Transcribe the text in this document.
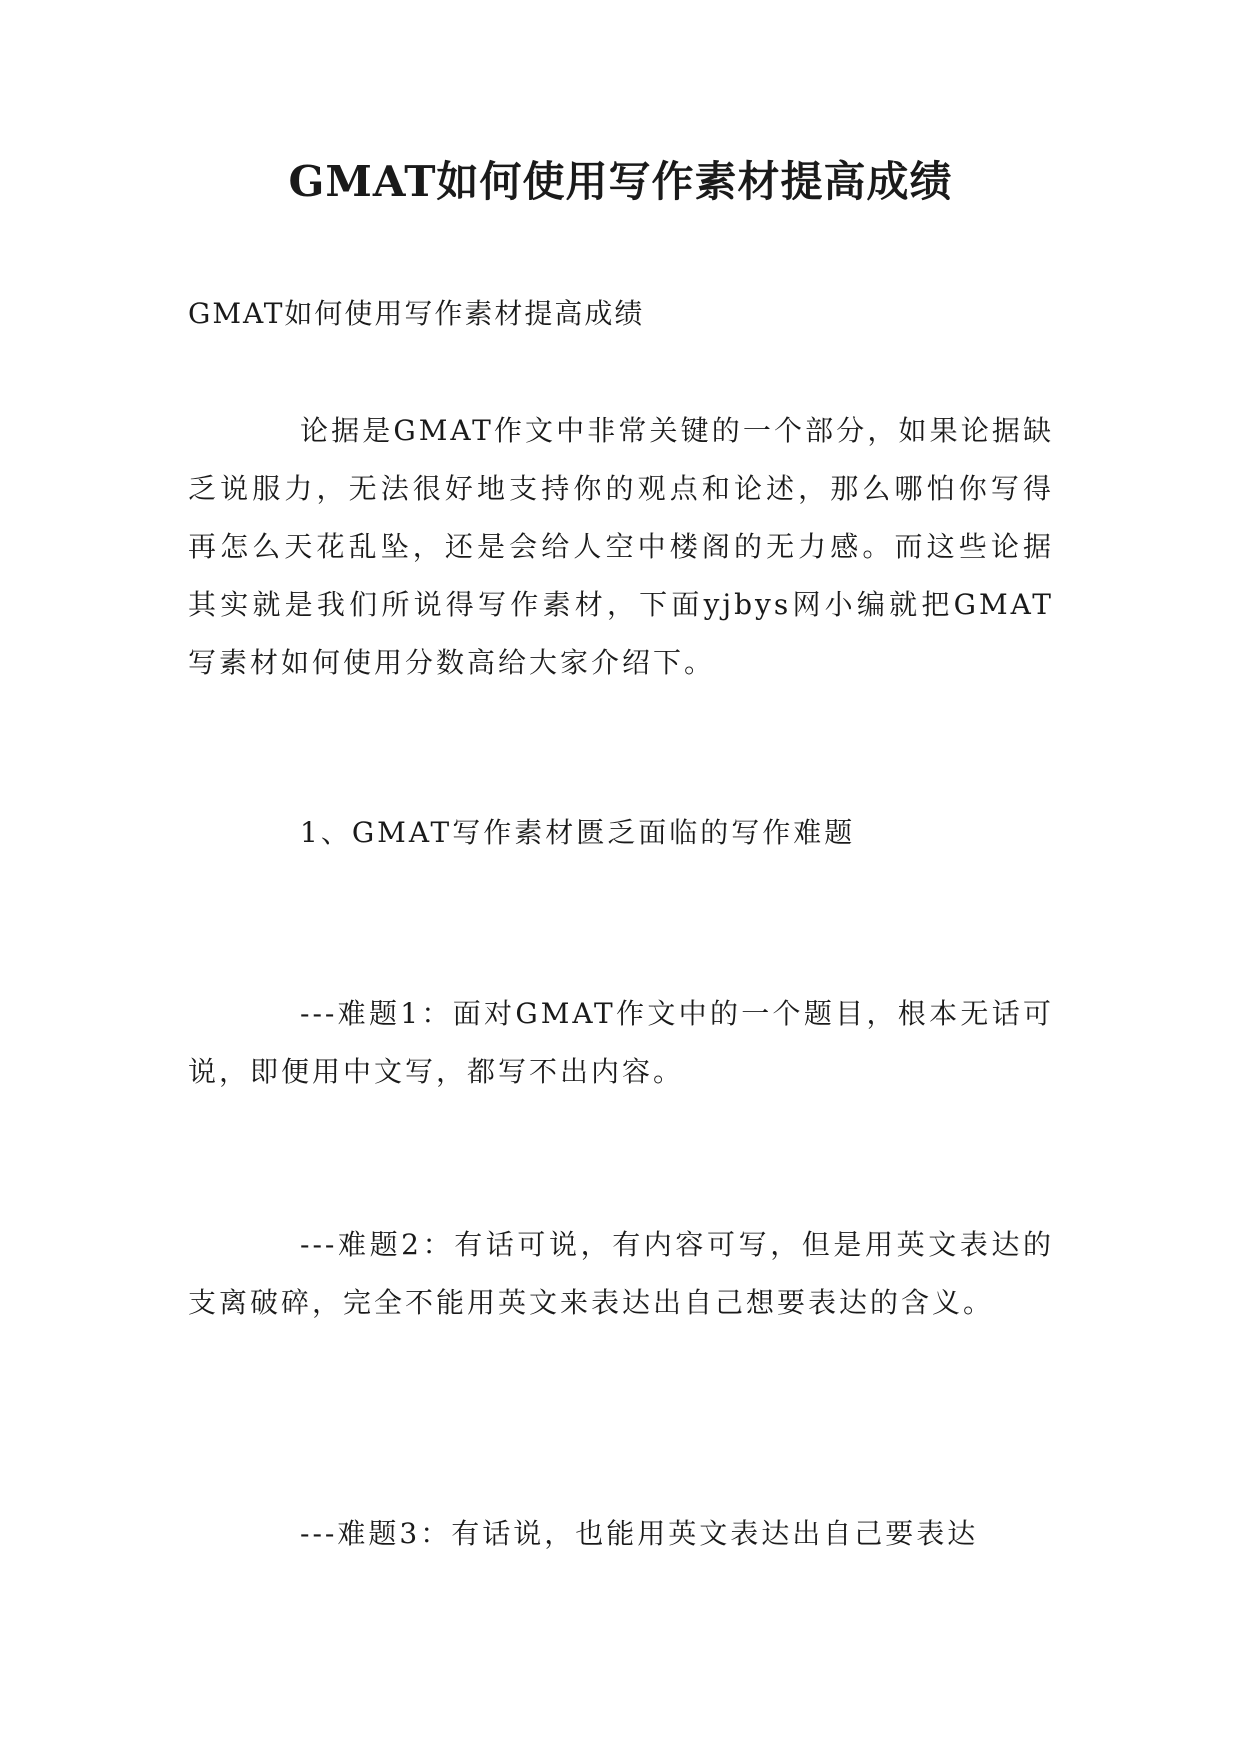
GMAT如何使用写作素材提高成绩

GMAT如何使用写作素材提高成绩

论据是GMAT作文中非常关键的一个部分，如果论据缺乏说服力，无法很好地支持你的观点和论述，那么哪怕你写得再怎么天花乱坠，还是会给人空中楼阁的无力感。而这些论据其实就是我们所说得写作素材，下面yjbys网小编就把GMAT写素材如何使用分数高给大家介绍下。

1、GMAT写作素材匮乏面临的写作难题

---难题1：面对GMAT作文中的一个题目，根本无话可说，即便用中文写，都写不出内容。

---难题2：有话可说，有内容可写，但是用英文表达的支离破碎，完全不能用英文来表达出自己想要表达的含义。

---难题3：有话说，也能用英文表达出自己要表达
